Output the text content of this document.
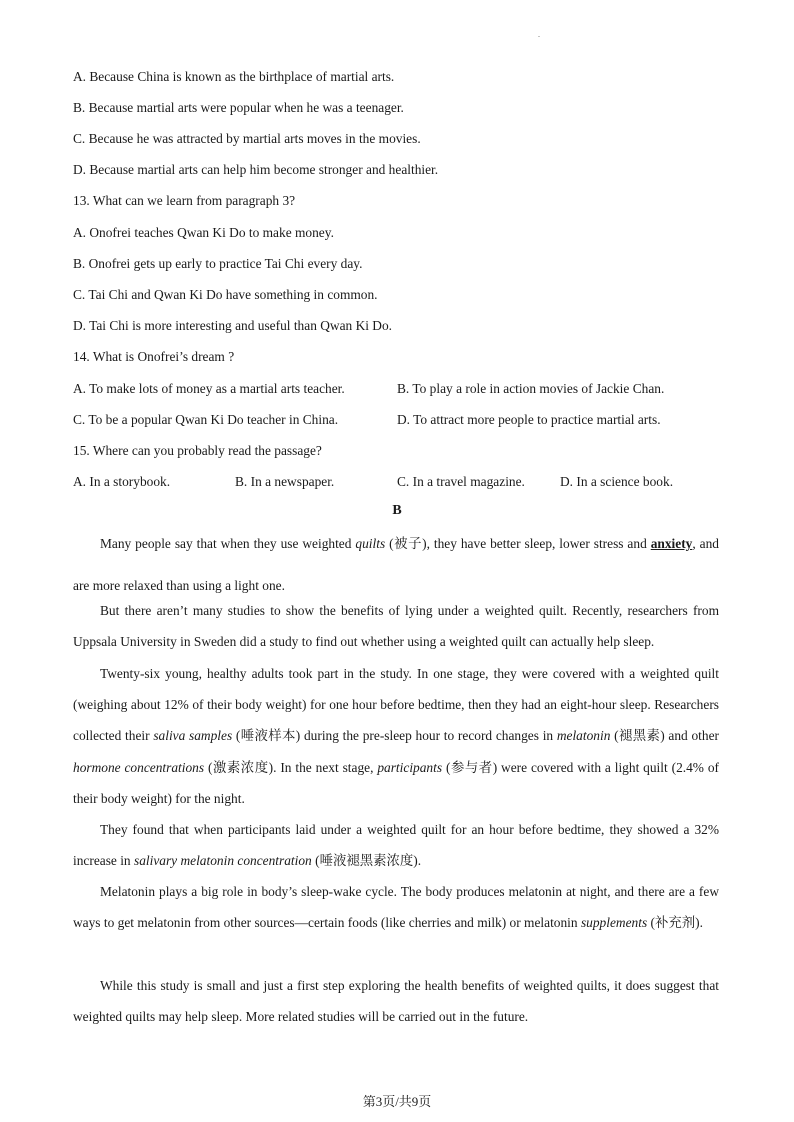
.
A. Because China is known as the birthplace of martial arts.
B. Because martial arts were popular when he was a teenager.
C. Because he was attracted by martial arts moves in the movies.
D. Because martial arts can help him become stronger and healthier.
13. What can we learn from paragraph 3?
A. Onofrei teaches Qwan Ki Do to make money.
B. Onofrei gets up early to practice Tai Chi every day.
C. Tai Chi and Qwan Ki Do have something in common.
D. Tai Chi is more interesting and useful than Qwan Ki Do.
14. What is Onofrei’s dream ?
A. To make lots of money as a martial arts teacher.	B. To play a role in action movies of Jackie Chan.
C. To be a popular Qwan Ki Do teacher in China.	D. To attract more people to practice martial arts.
15. Where can you probably read the passage?
A. In a storybook.	B. In a newspaper.	C. In a travel magazine.	D. In a science book.
B
Many people say that when they use weighted quilts (被子), they have better sleep, lower stress and anxiety, and are more relaxed than using a light one.
But there aren’t many studies to show the benefits of lying under a weighted quilt. Recently, researchers from Uppsala University in Sweden did a study to find out whether using a weighted quilt can actually help sleep.
Twenty-six young, healthy adults took part in the study. In one stage, they were covered with a weighted quilt (weighing about 12% of their body weight) for one hour before bedtime, then they had an eight-hour sleep. Researchers collected their saliva samples (唾液样本) during the pre-sleep hour to record changes in melatonin (褪黑素) and other hormone concentrations (激素浓度). In the next stage, participants (参与者) were covered with a light quilt (2.4% of their body weight) for the night.
They found that when participants laid under a weighted quilt for an hour before bedtime, they showed a 32% increase in salivary melatonin concentration (唾液褪黑素浓度).
Melatonin plays a big role in body’s sleep-wake cycle. The body produces melatonin at night, and there are a few ways to get melatonin from other sources—certain foods (like cherries and milk) or melatonin supplements (补充剂).
While this study is small and just a first step exploring the health benefits of weighted quilts, it does suggest that weighted quilts may help sleep. More related studies will be carried out in the future.
第3页/共9页
